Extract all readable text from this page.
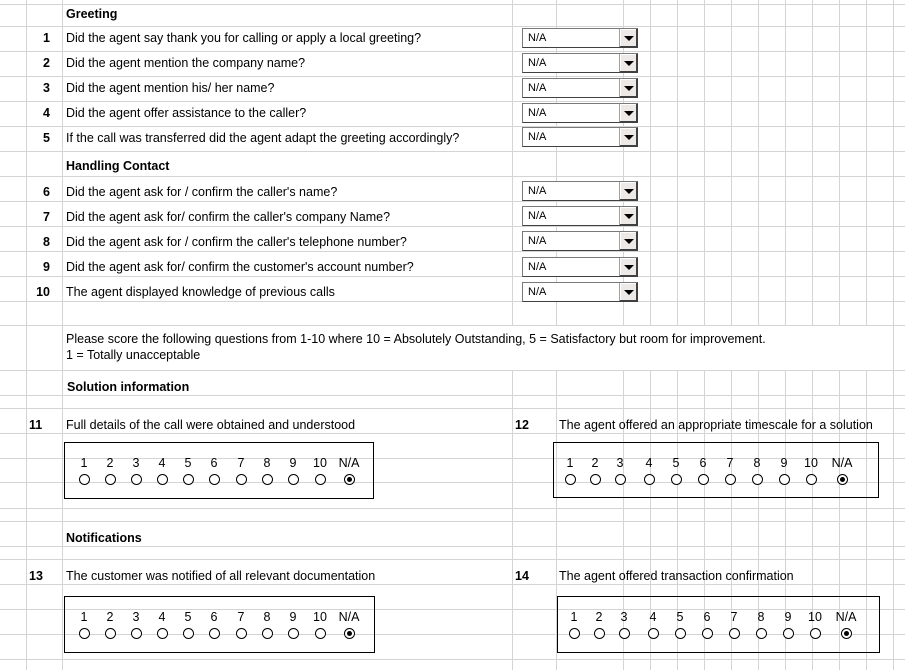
Greeting
1 Did the agent say thank you for calling or apply a local greeting?	N/A
2 Did the agent mention the company name?	N/A
3 Did the agent mention his/ her name?	N/A
4 Did the agent offer assistance to the caller?	N/A
5 If the call was transferred did the agent adapt the greeting accordingly?	N/A
Handling Contact
6 Did the agent ask for / confirm the caller's name?	N/A
7 Did the agent ask for/ confirm the caller's company Name?	N/A
8 Did the agent ask for / confirm the caller's telephone number?	N/A
9 Did the agent ask for/ confirm the customer's account number?	N/A
10 The agent displayed knowledge of previous calls	N/A
Please score the following questions from 1-10 where 10 = Absolutely Outstanding, 5 = Satisfactory but room for improvement.
1 = Totally unacceptable
Solution information
11 Full details of the call were obtained and understood	12 The agent offered an appropriate timescale for a solution
1	2	3	4	5	6	7	8	9	10 N/A	1	2	3	4	5	6	7	8	9	10	N/A
Notifications
13 The customer was notified of all relevant documentation	14 The agent offered transaction confirmation
1	2	3	4	5	6	7	8	9	10 N/A	1	2	3	4	5	6	7	8	9	10	N/A
